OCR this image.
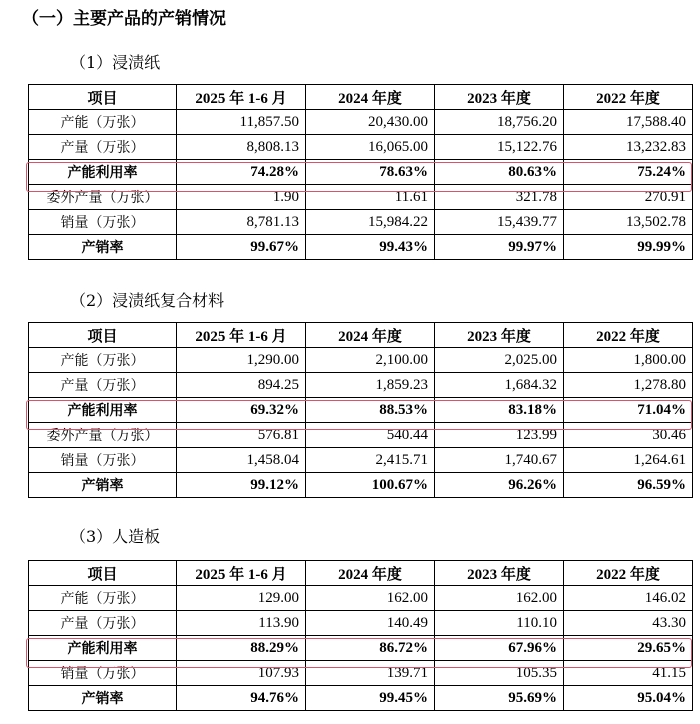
（一）主要产品的产销情况
（1）浸渍纸
项目	2025 年 1-6 月	2024 年度	2023 年度	2022 年度
产能（万张）	11,857.50	20,430.00	18,756.20	17,588.40
产量（万张）	8,808.13	16,065.00	15,122.76	13,232.83
产能利用率	74.28%	78.63%	80.63%	75.24%
委外产量（万张）	1.90	11.61	321.78	270.91
销量（万张）	8,781.13	15,984.22	15,439.77	13,502.78
产销率	99.67%	99.43%	99.97%	99.99%
（2）浸渍纸复合材料
项目	2025 年 1-6 月	2024 年度	2023 年度	2022 年度
产能（万张）	1,290.00	2,100.00	2,025.00	1,800.00
产量（万张）	894.25	1,859.23	1,684.32	1,278.80
产能利用率	69.32%	88.53%	83.18%	71.04%
委外产量（万张）	576.81	540.44	123.99	30.46
销量（万张）	1,458.04	2,415.71	1,740.67	1,264.61
产销率	99.12%	100.67%	96.26%	96.59%
（3）人造板
项目	2025 年 1-6 月	2024 年度	2023 年度	2022 年度
产能（万张）	129.00	162.00	162.00	146.02
产量（万张）	113.90	140.49	110.10	43.30
产能利用率	88.29%	86.72%	67.96%	29.65%
销量（万张）	107.93	139.71	105.35	41.15
产销率	94.76%	99.45%	95.69%	95.04%
